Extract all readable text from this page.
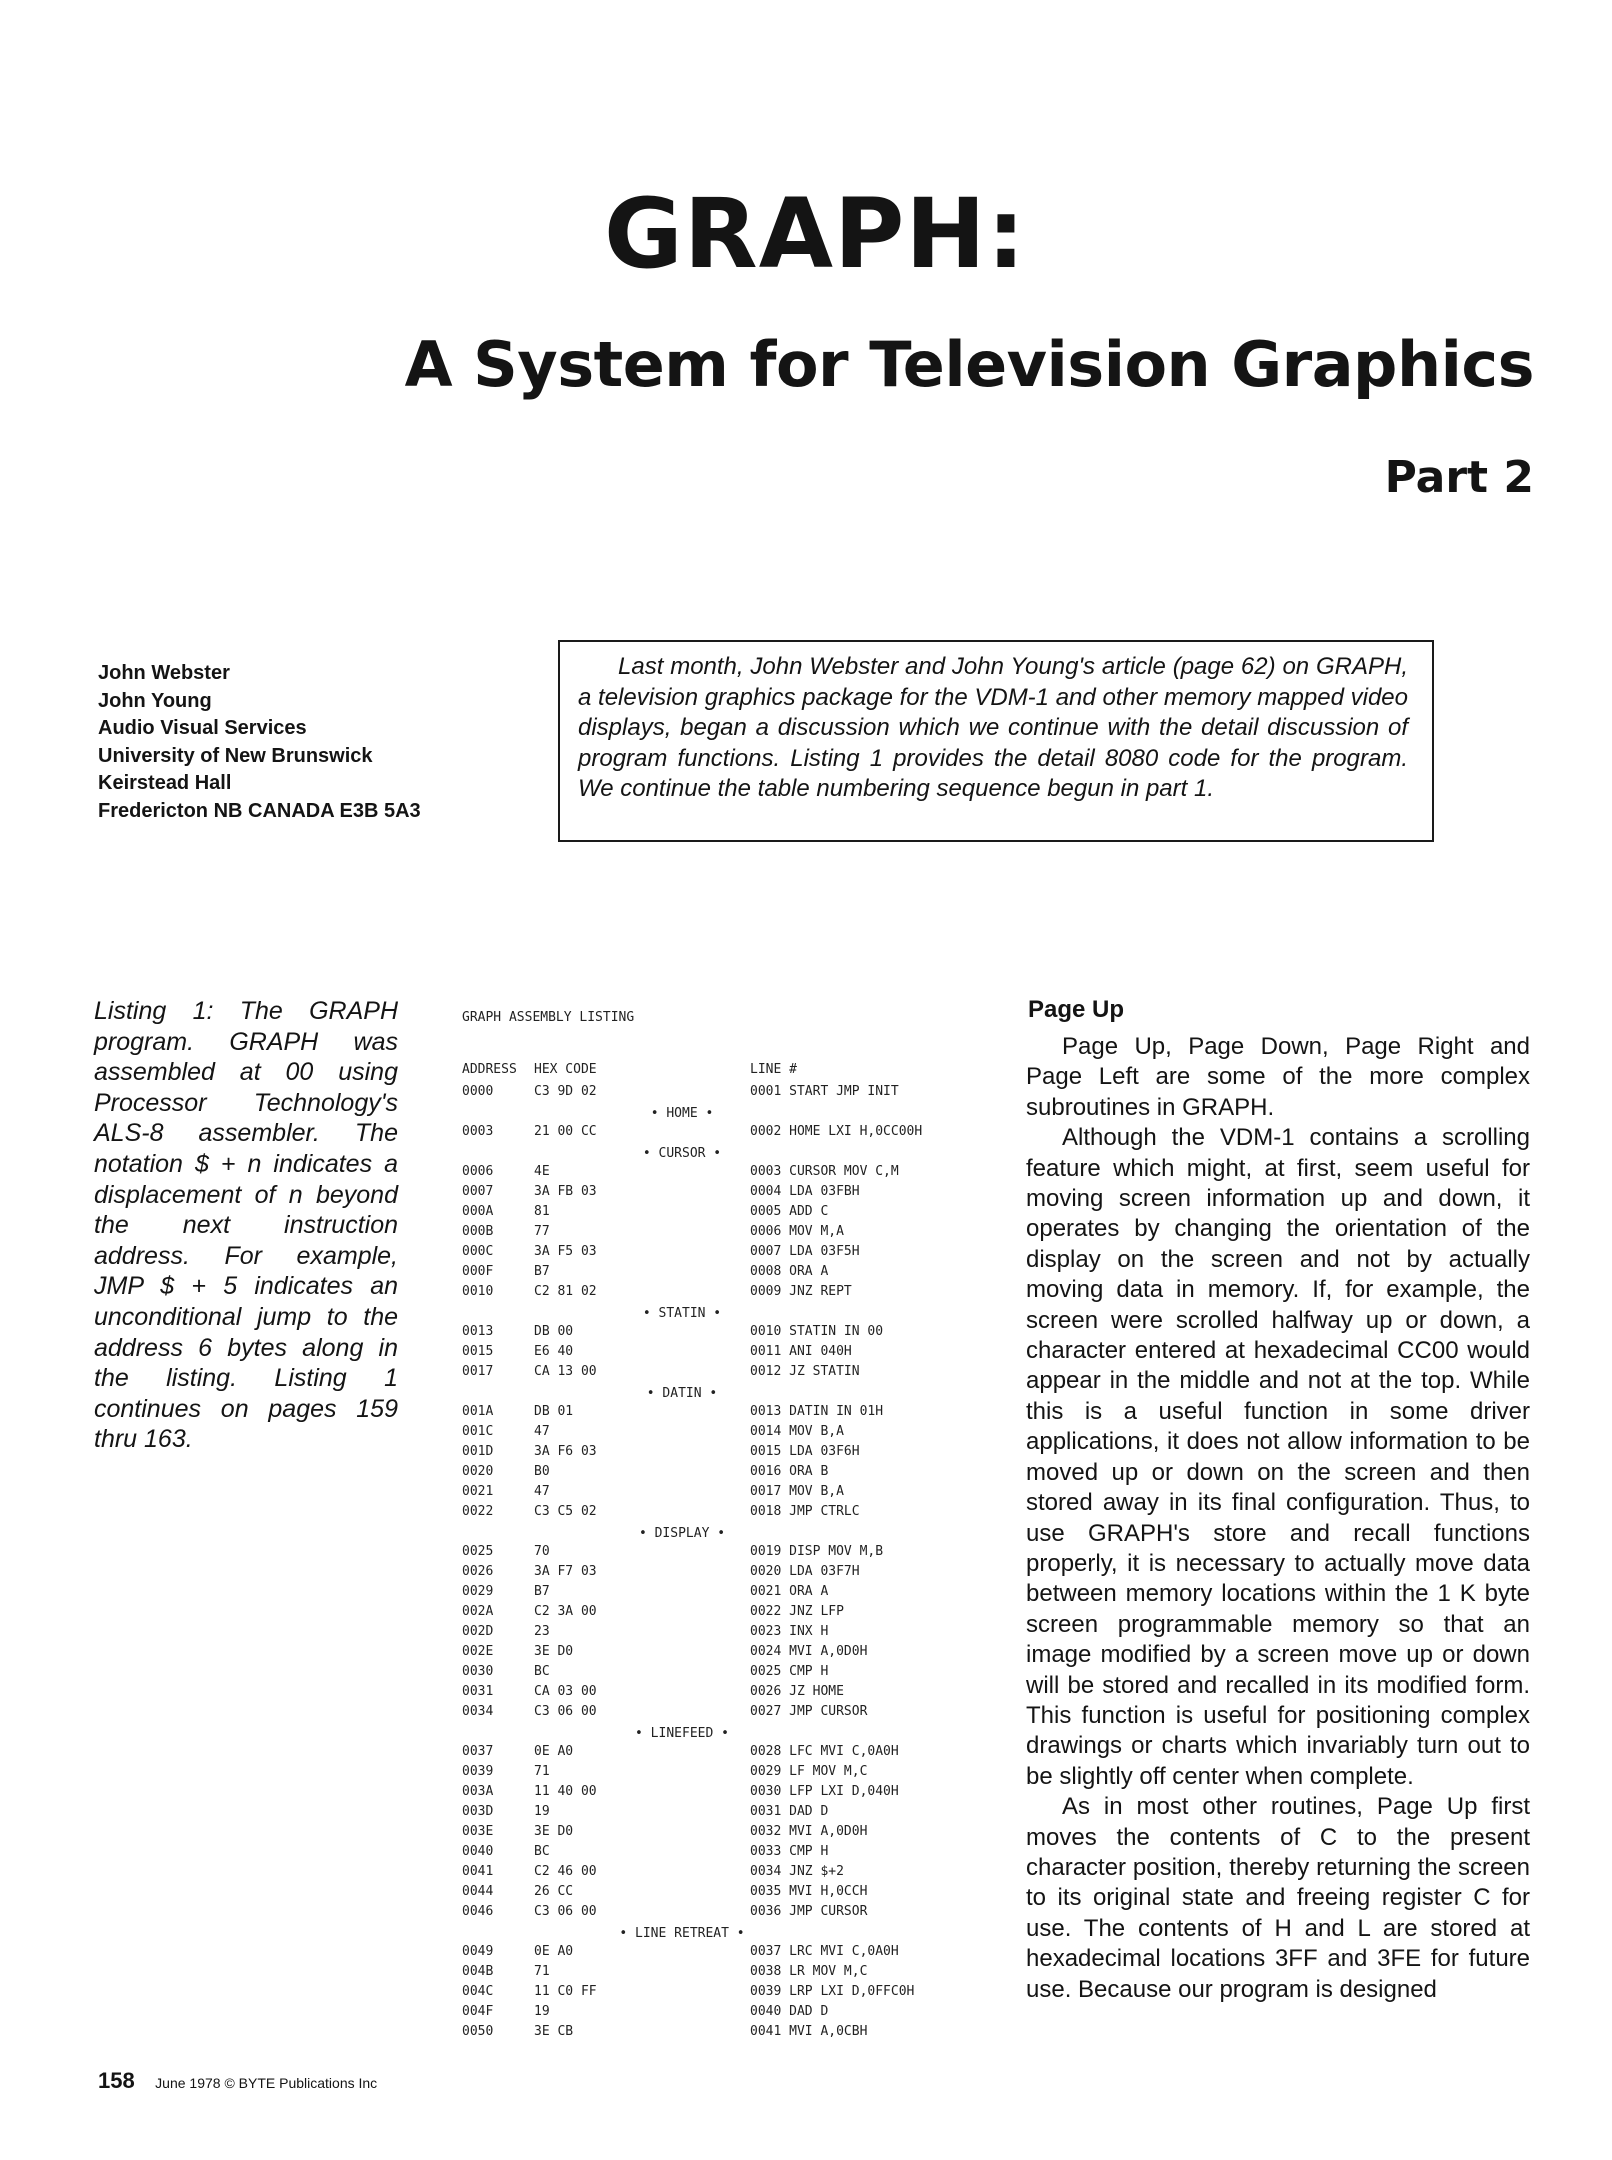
GRAPH:
A System for Television Graphics
Part 2
John Webster
John Young
Audio Visual Services
University of New Brunswick
Keirstead Hall
Fredericton NB CANADA E3B 5A3
Last month, John Webster and John Young's article (page 62) on GRAPH, a television graphics package for the VDM-1 and other memory mapped video displays, began a discussion which we continue with the detail discussion of program functions. Listing 1 provides the detail 8080 code for the program. We continue the table numbering sequence begun in part 1.

Listing 1: The GRAPH program. GRAPH was assembled at 00 using Processor Technology's ALS-8 assembler. The notation $ + n indicates a displacement of n beyond the next instruction address. For example, JMP $ + 5 indicates an unconditional jump to the address 6 bytes along in the listing. Listing 1 continues on pages 159 thru 163.

GRAPH ASSEMBLY LISTING
ADDRESS HEX CODE	LINE #
0000	C3 9D 02	0001 START JMP INIT
• HOME •
0003	21 00 CC	0002 HOME LXI H,0CC00H
• CURSOR •
0006	4E	0003 CURSOR MOV C,M
0007	3A FB 03	0004 LDA 03FBH
000A	81	0005 ADD C
000B	77	0006 MOV M,A
000C	3A F5 03	0007 LDA 03F5H
000F	B7	0008 ORA A
0010	C2 81 02	0009 JNZ REPT
• STATIN •
0013	DB 00	0010 STATIN IN 00
0015	E6 40	0011 ANI 040H
0017	CA 13 00	0012 JZ STATIN
• DATIN •
001A	DB 01	0013 DATIN IN 01H
001C	47	0014 MOV B,A
001D	3A F6 03	0015 LDA 03F6H
0020	B0	0016 ORA B
0021	47	0017 MOV B,A
0022	C3 C5 02	0018 JMP CTRLC
• DISPLAY •
0025	70	0019 DISP MOV M,B
0026	3A F7 03	0020 LDA 03F7H
0029	B7	0021 ORA A
002A	C2 3A 00	0022 JNZ LFP
002D	23	0023 INX H
002E	3E D0	0024 MVI A,0D0H
0030	BC	0025 CMP H
0031	CA 03 00	0026 JZ HOME
0034	C3 06 00	0027 JMP CURSOR
• LINEFEED •
0037	0E A0	0028 LFC MVI C,0A0H
0039	71	0029 LF MOV M,C
003A	11 40 00	0030 LFP LXI D,040H
003D	19	0031 DAD D
003E	3E D0	0032 MVI A,0D0H
0040	BC	0033 CMP H
0041	C2 46 00	0034 JNZ $+2
0044	26 CC	0035 MVI H,0CCH
0046	C3 06 00	0036 JMP CURSOR
• LINE RETREAT •
0049	0E A0	0037 LRC MVI C,0A0H
004B	71	0038 LR MOV M,C
004C	11 C0 FF	0039 LRP LXI D,0FFC0H
004F	19	0040 DAD D
0050	3E CB	0041 MVI A,0CBH
Page Up

Page Up, Page Down, Page Right and Page Left are some of the more complex subroutines in GRAPH.

Although the VDM-1 contains a scrolling feature which might, at first, seem useful for moving screen information up and down, it operates by changing the orientation of the display on the screen and not by actually moving data in memory. If, for example, the screen were scrolled halfway up or down, a character entered at hexadecimal CC00 would appear in the middle and not at the top. While this is a useful function in some driver applications, it does not allow information to be moved up or down on the screen and then stored away in its final configuration. Thus, to use GRAPH's store and recall functions properly, it is necessary to actually move data between memory locations within the 1 K byte screen programmable memory so that an image modified by a screen move up or down will be stored and recalled in its modified form. This function is useful for positioning complex drawings or charts which invariably turn out to be slightly off center when complete.

As in most other routines, Page Up first moves the contents of C to the present character position, thereby returning the screen to its original state and freeing register C for use. The contents of H and L are stored at hexadecimal locations 3FF and 3FE for future use. Because our program is designed

158 June 1978 © BYTE Publications Inc
